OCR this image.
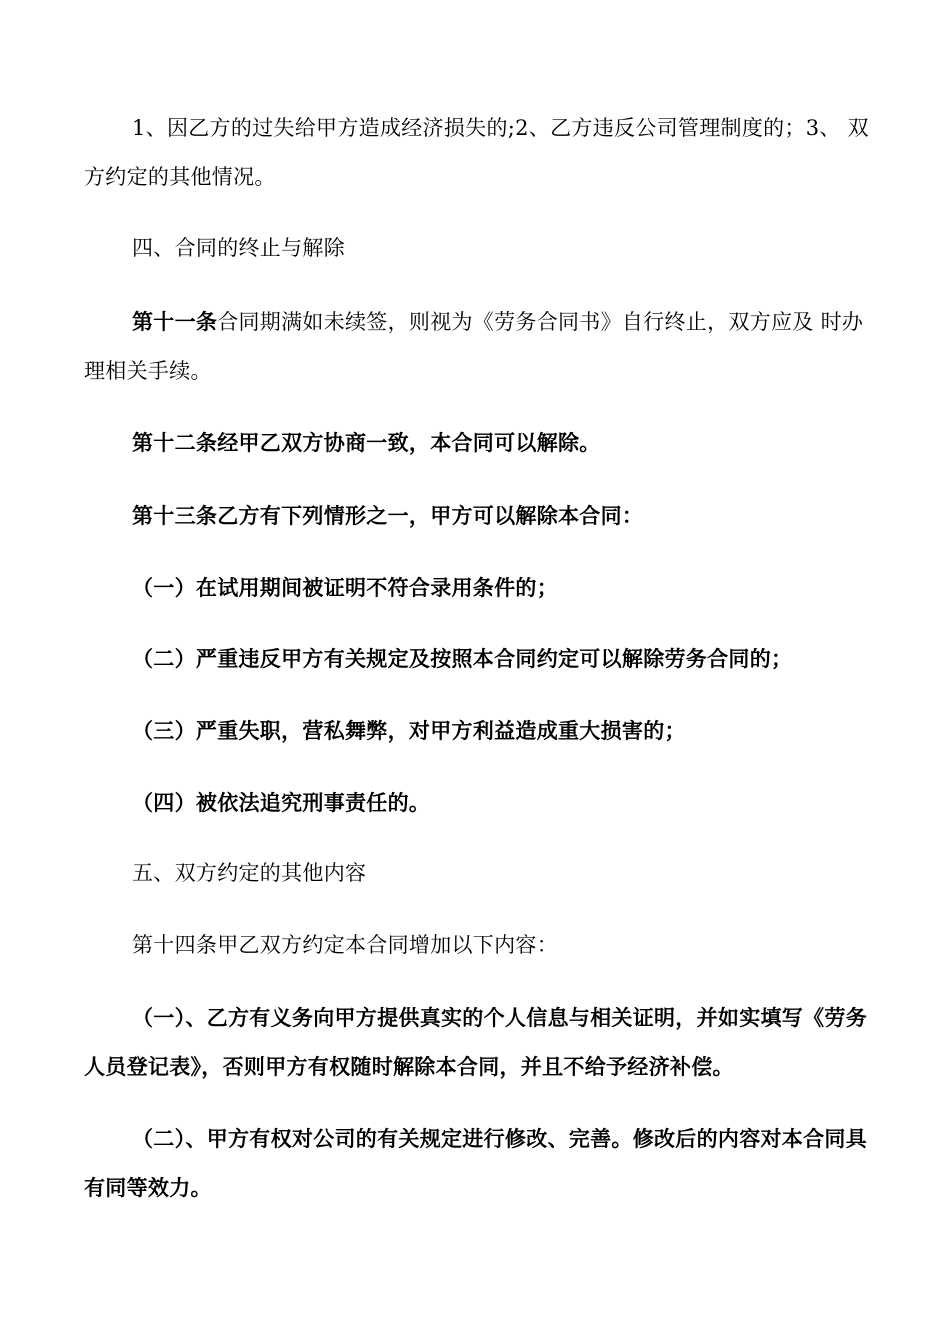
1、因乙方的过失给甲方造成经济损失的;2、乙方违反公司管理制度的；3、 双方约定的其他情况。

四、合同的终止与解除

第十一条合同期满如未续签，则视为《劳务合同书》自行终止，双方应及 时办理相关手续。

第十二条经甲乙双方协商一致，本合同可以解除。

第十三条乙方有下列情形之一，甲方可以解除本合同：

（一）在试用期间被证明不符合录用条件的；

（二）严重违反甲方有关规定及按照本合同约定可以解除劳务合同的；

（三）严重失职，营私舞弊，对甲方利益造成重大损害的；

（四）被依法追究刑事责任的。

五、双方约定的其他内容

第十四条甲乙双方约定本合同增加以下内容：

（一）、乙方有义务向甲方提供真实的个人信息与相关证明，并如实填写《劳务人员登记表》，否则甲方有权随时解除本合同，并且不给予经济补偿。

（二）、甲方有权对公司的有关规定进行修改、完善。修改后的内容对本合同具有同等效力。
